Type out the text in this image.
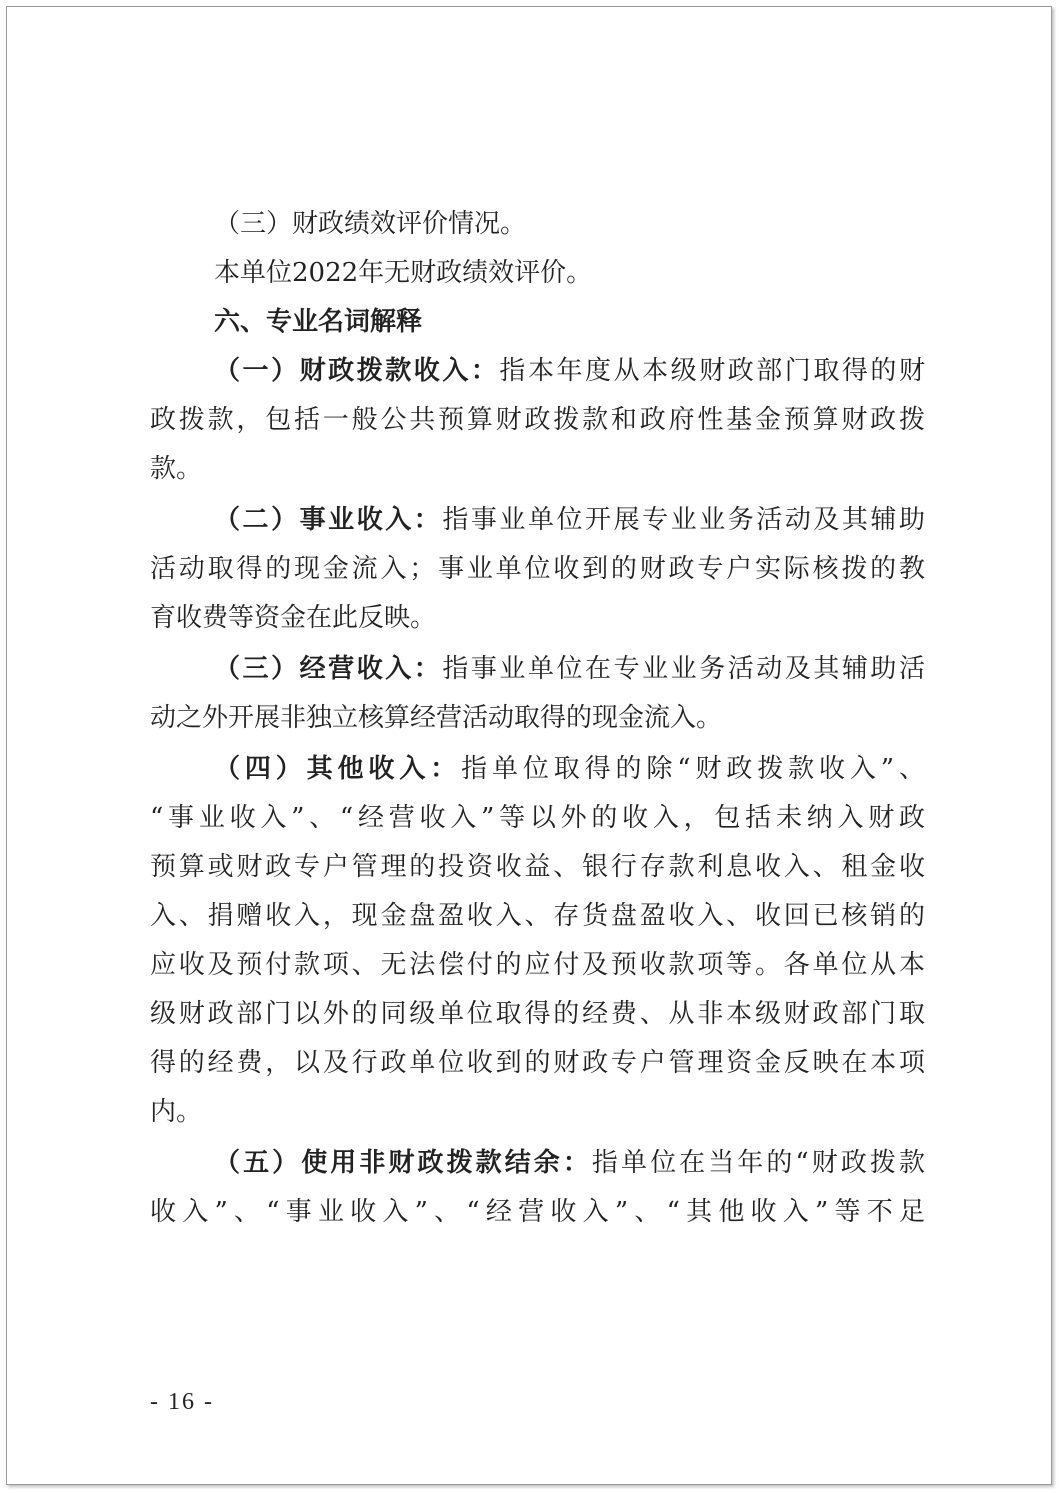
（三）财政绩效评价情况。
本单位2022年无财政绩效评价。
六、专业名词解释
（一）财政拨款收入：指本年度从本级财政部门取得的财
政拨款，包括一般公共预算财政拨款和政府性基金预算财政拨
款。
（二）事业收入：指事业单位开展专业业务活动及其辅助
活动取得的现金流入；事业单位收到的财政专户实际核拨的教
育收费等资金在此反映。
（三）经营收入：指事业单位在专业业务活动及其辅助活
动之外开展非独立核算经营活动取得的现金流入。
（四）其他收入：指单位取得的除“财政拨款收入”、
“事业收入”、“经营收入”等以外的收入，包括未纳入财政
预算或财政专户管理的投资收益、银行存款利息收入、租金收
入、捐赠收入，现金盘盈收入、存货盘盈收入、收回已核销的
应收及预付款项、无法偿付的应付及预收款项等。各单位从本
级财政部门以外的同级单位取得的经费、从非本级财政部门取
得的经费，以及行政单位收到的财政专户管理资金反映在本项
内。
（五）使用非财政拨款结余：指单位在当年的“财政拨款
收入”、“事业收入”、“经营收入”、“其他收入”等不足
- 16 -
